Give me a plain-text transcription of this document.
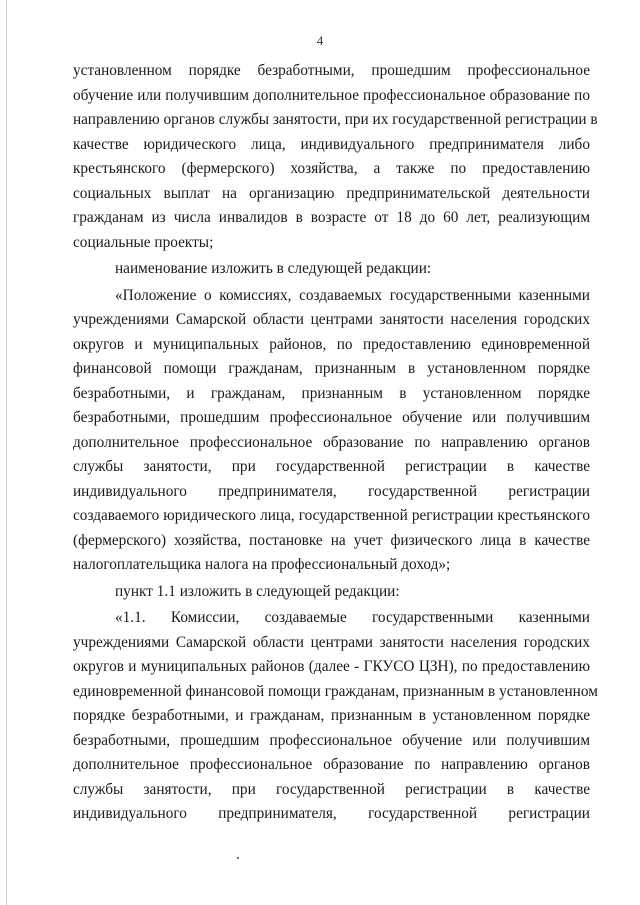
4
установленном порядке безработными, прошедшим профессиональное
обучение или получившим дополнительное профессиональное образование по
направлению органов службы занятости, при их государственной регистрации в
качестве юридического лица, индивидуального предпринимателя либо
крестьянского (фермерского) хозяйства, а также по предоставлению
социальных выплат на организацию предпринимательской деятельности
гражданам из числа инвалидов в возрасте от 18 до 60 лет, реализующим
социальные проекты;
наименование изложить в следующей редакции:
«Положение о комиссиях, создаваемых государственными казенными
учреждениями Самарской области центрами занятости населения городских
округов и муниципальных районов, по предоставлению единовременной
финансовой помощи гражданам, признанным в установленном порядке
безработными, и гражданам, признанным в установленном порядке
безработными, прошедшим профессиональное обучение или получившим
дополнительное профессиональное образование по направлению органов
службы занятости, при государственной регистрации в качестве
индивидуального предпринимателя, государственной регистрации
создаваемого юридического лица, государственной регистрации крестьянского
(фермерского) хозяйства, постановке на учет физического лица в качестве
налогоплательщика налога на профессиональный доход»;
пункт 1.1 изложить в следующей редакции:
«1.1. Комиссии, создаваемые государственными казенными
учреждениями Самарской области центрами занятости населения городских
округов и муниципальных районов (далее - ГКУСО ЦЗН), по предоставлению
единовременной финансовой помощи гражданам, признанным в установленном
порядке безработными, и гражданам, признанным в установленном порядке
безработными, прошедшим профессиональное обучение или получившим
дополнительное профессиональное образование по направлению органов
службы занятости, при государственной регистрации в качестве
индивидуального предпринимателя, государственной регистрации
